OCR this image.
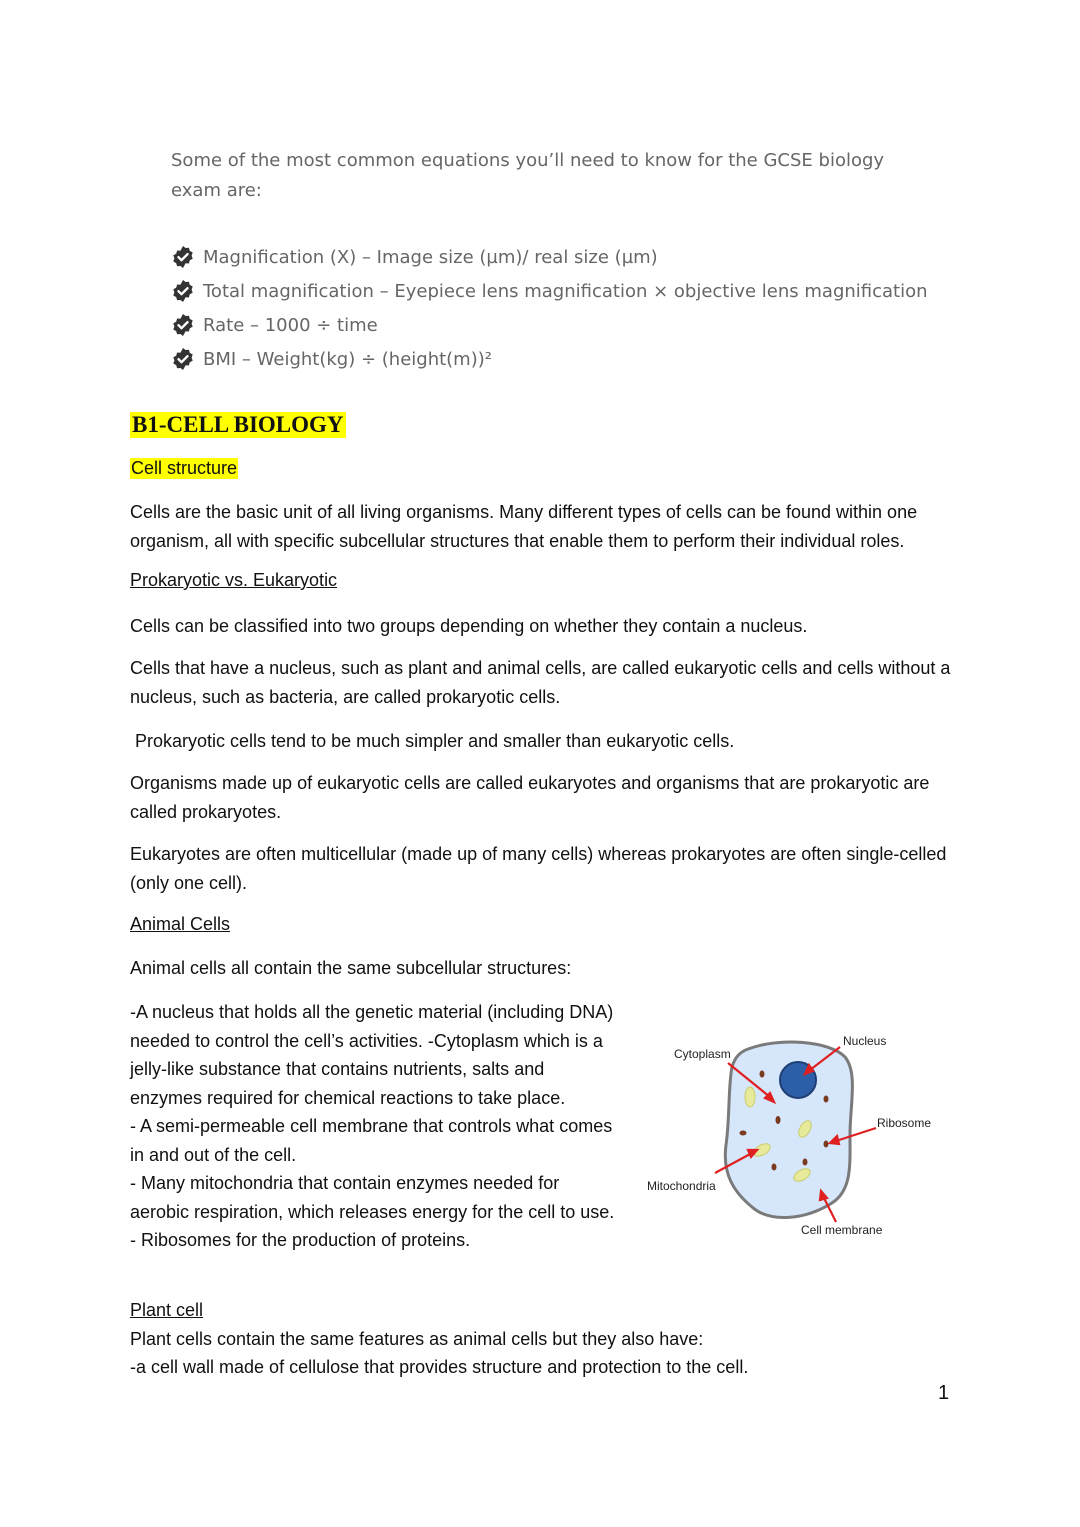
Some of the most common equations you’ll need to know for the GCSE biology exam are:
Magnification (X) – Image size (µm)/ real size (µm)
Total magnification – Eyepiece lens magnification × objective lens magnification
Rate – 1000 ÷ time
BMI – Weight(kg) ÷ (height(m))²
B1-CELL BIOLOGY
Cell structure

Cells are the basic unit of all living organisms. Many different types of cells can be found within one organism, all with specific subcellular structures that enable them to perform their individual roles.

Prokaryotic vs. Eukaryotic

Cells can be classified into two groups depending on whether they contain a nucleus.

Cells that have a nucleus, such as plant and animal cells, are called eukaryotic cells and cells without a nucleus, such as bacteria, are called prokaryotic cells.

Prokaryotic cells tend to be much simpler and smaller than eukaryotic cells.

Organisms made up of eukaryotic cells are called eukaryotes and organisms that are prokaryotic are called prokaryotes.

Eukaryotes are often multicellular (made up of many cells) whereas prokaryotes are often single-celled (only one cell).

Animal Cells

Animal cells all contain the same subcellular structures:

-A nucleus that holds all the genetic material (including DNA) needed to control the cell’s activities. -Cytoplasm which is a jelly-like substance that contains nutrients, salts and enzymes required for chemical reactions to take place.
- A semi-permeable cell membrane that controls what comes in and out of the cell.
- Many mitochondria that contain enzymes needed for aerobic respiration, which releases energy for the cell to use.   - Ribosomes for the production of proteins.
Cytoplasm
Nucleus
Ribosome
Mitochondria
Cell membrane
Plant cell
Plant cells contain the same features as animal cells but they also have:
-a cell wall made of cellulose that provides structure and protection to the cell.
1
